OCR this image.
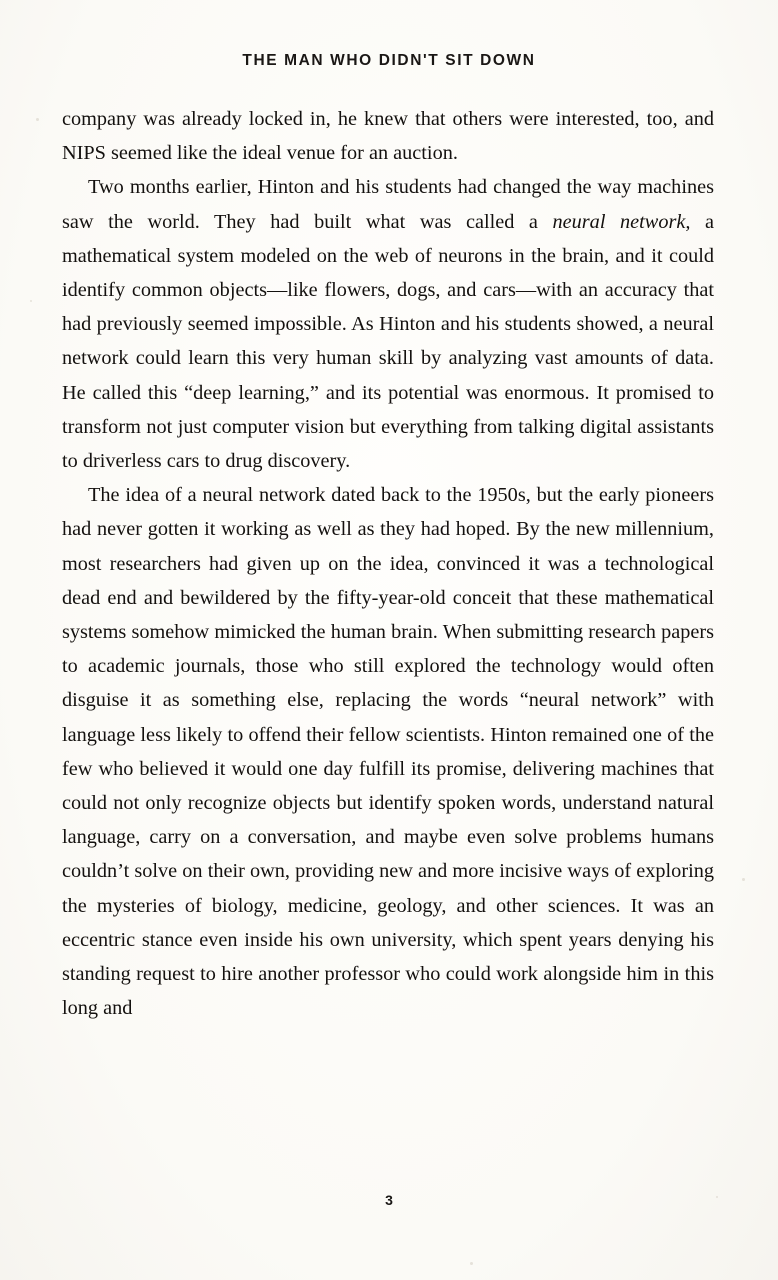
THE MAN WHO DIDN'T SIT DOWN

company was already locked in, he knew that others were interested, too, and NIPS seemed like the ideal venue for an auction.

Two months earlier, Hinton and his students had changed the way machines saw the world. They had built what was called a neural network, a mathematical system modeled on the web of neurons in the brain, and it could identify common objects—like flowers, dogs, and cars—with an accuracy that had previously seemed impossible. As Hinton and his students showed, a neural network could learn this very human skill by analyzing vast amounts of data. He called this “deep learning,” and its potential was enormous. It promised to transform not just computer vision but everything from talking digital assistants to driverless cars to drug discovery.

The idea of a neural network dated back to the 1950s, but the early pioneers had never gotten it working as well as they had hoped. By the new millennium, most researchers had given up on the idea, convinced it was a technological dead end and bewildered by the fifty-year-old conceit that these mathematical systems somehow mimicked the human brain. When submitting research papers to academic journals, those who still explored the technology would often disguise it as something else, replacing the words “neural network” with language less likely to offend their fellow scientists. Hinton remained one of the few who believed it would one day fulfill its promise, delivering machines that could not only recognize objects but identify spoken words, understand natural language, carry on a conversation, and maybe even solve problems humans couldn’t solve on their own, providing new and more incisive ways of exploring the mysteries of biology, medicine, geology, and other sciences. It was an eccentric stance even inside his own university, which spent years denying his standing request to hire another professor who could work alongside him in this long and

3
